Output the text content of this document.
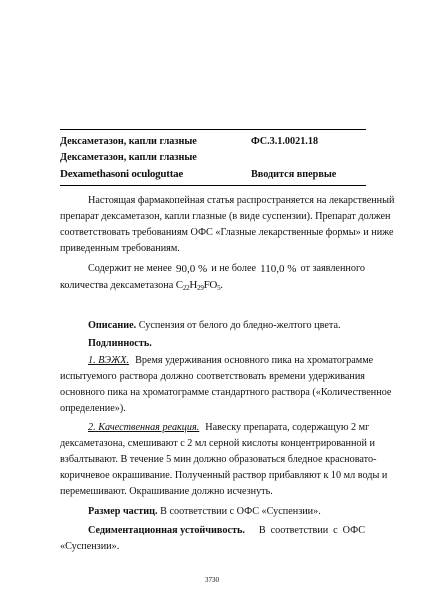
Дексаметазон, капли глазные	ФС.3.1.0021.18
Дексаметазон, капли глазные
Dexamethasoni oculoguttae	Вводится впервые
Настоящая фармакопейная статья распространяется на лекарственный
препарат дексаметазон, капли глазные (в виде суспензии). Препарат должен
соответствовать требованиям ОФС «Глазные лекарственные формы» и ниже
приведенным требованиям.
Содержит не менее 90,0 % и не более 110,0 % от заявленного
количества дексаметазона C22H29FO5.
Описание. Суспензия от белого до бледно-желтого цвета.
Подлинность.
1. ВЭЖХ. Время удерживания основного пика на хроматограмме
испытуемого раствора должно соответствовать времени удерживания
основного пика на хроматограмме стандартного раствора («Количественное
определение»).
2. Качественная реакция. Навеску препарата, содержащую 2 мг
дексаметазона, смешивают с 2 мл серной кислоты концентрированной и
взбалтывают. В течение 5 мин должно образоваться бледное красновато-
коричневое окрашивание. Полученный раствор прибавляют к 10 мл воды и
перемешивают. Окрашивание должно исчезнуть.
Размер частиц. В соответствии с ОФС «Суспензии».
Седиментационная устойчивость. В соответствии с ОФС
«Суспензии».
3730
